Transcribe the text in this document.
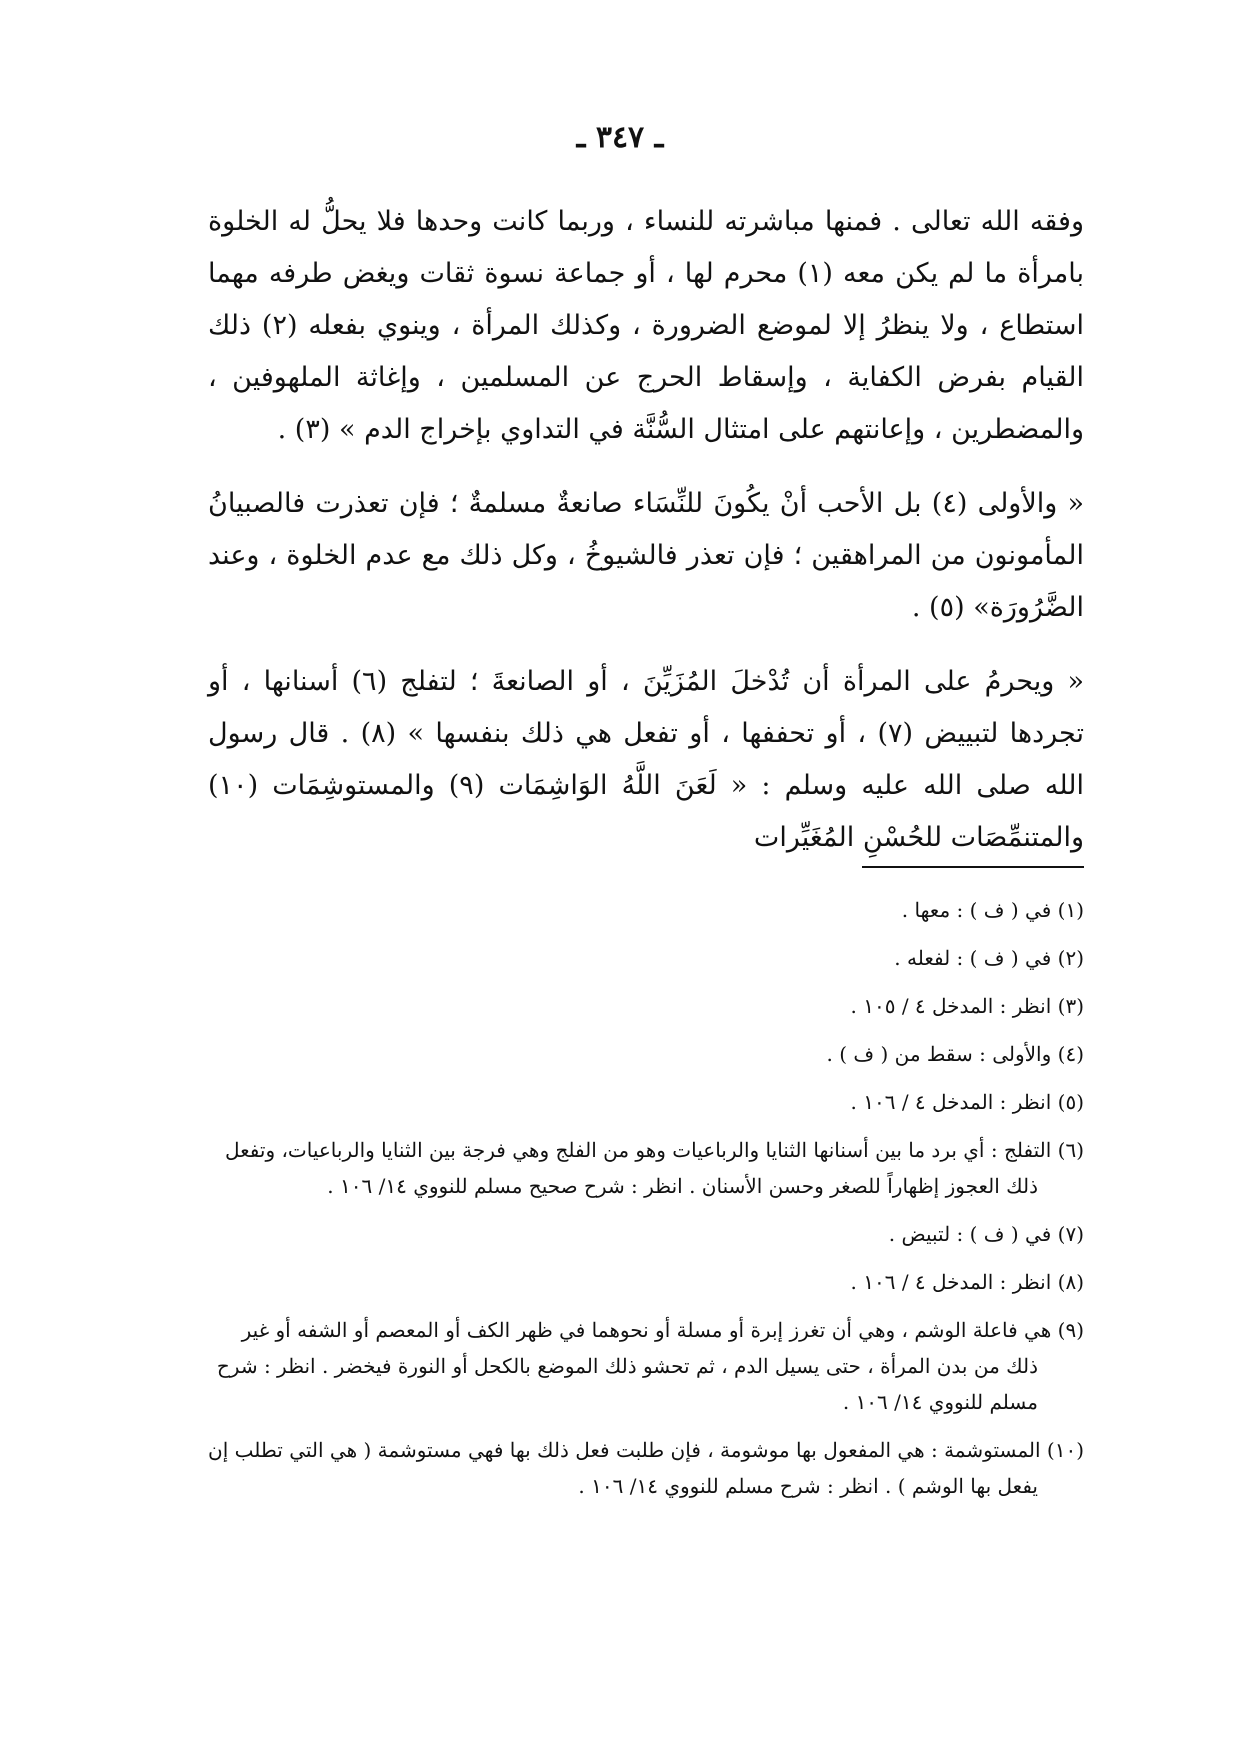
ـ ٣٤٧ ـ

وفقه الله تعالى . فمنها مباشرته للنساء ، وربما كانت وحدها فلا يحلُّ له الخلوة بامرأة ما لم يكن معه (١) محرم لها ، أو جماعة نسوة ثقات ويغض طرفه مهما استطاع ، ولا ينظرُ إلا لموضع الضرورة ، وكذلك المرأة ، وينوي بفعله (٢) ذلك القيام بفرض الكفاية ، وإسقاط الحرج عن المسلمين ، وإغاثة الملهوفين ، والمضطرين ، وإعانتهم على امتثال السُّنَّة في التداوي بإخراج الدم » (٣) .

« والأولى (٤) بل الأحب أنْ يكُونَ للنِّسَاء صانعةٌ مسلمةٌ ؛ فإن تعذرت فالصبيانُ المأمونون من المراهقين ؛ فإن تعذر فالشيوخُ ، وكل ذلك مع عدم الخلوة ، وعند الضَّرُورَة» (٥) .

« ويحرمُ على المرأة أن تُدْخلَ المُزَيِّنَ ، أو الصانعةَ ؛ لتفلج (٦) أسنانها ، أو تجردها لتبييض (٧) ، أو تحففها ، أو تفعل هي ذلك بنفسها » (٨) . قال رسول الله صلى الله عليه وسلم : « لَعَنَ اللَّهُ الوَاشِمَات (٩) والمستوشِمَات (١٠) والمتنمِّصَات للحُسْنِ المُغَيِّرات

(١) في ( ف ) : معها .

(٢) في ( ف ) : لفعله .

(٣) انظر : المدخل ٤ / ١٠٥ .

(٤) والأولى : سقط من ( ف ) .

(٥) انظر : المدخل ٤ / ١٠٦ .

(٦) التفلج : أي برد ما بين أسنانها الثنايا والرباعيات وهو من الفلج وهي فرجة بين الثنايا والرباعيات، وتفعل ذلك العجوز إظهاراً للصغر وحسن الأسنان . انظر : شرح صحيح مسلم للنووي ١٤/ ١٠٦ .

(٧) في ( ف ) : لتبيض .

(٨) انظر : المدخل ٤ / ١٠٦ .

(٩) هي فاعلة الوشم ، وهي أن تغرز إبرة أو مسلة أو نحوهما في ظهر الكف أو المعصم أو الشفه أو غير ذلك من بدن المرأة ، حتى يسيل الدم ، ثم تحشو ذلك الموضع بالكحل أو النورة فيخضر . انظر : شرح مسلم للنووي ١٤/ ١٠٦ .

(١٠) المستوشمة : هي المفعول بها موشومة ، فإن طلبت فعل ذلك بها فهي مستوشمة ( هي التي تطلب إن يفعل بها الوشم ) . انظر : شرح مسلم للنووي ١٤/ ١٠٦ .
